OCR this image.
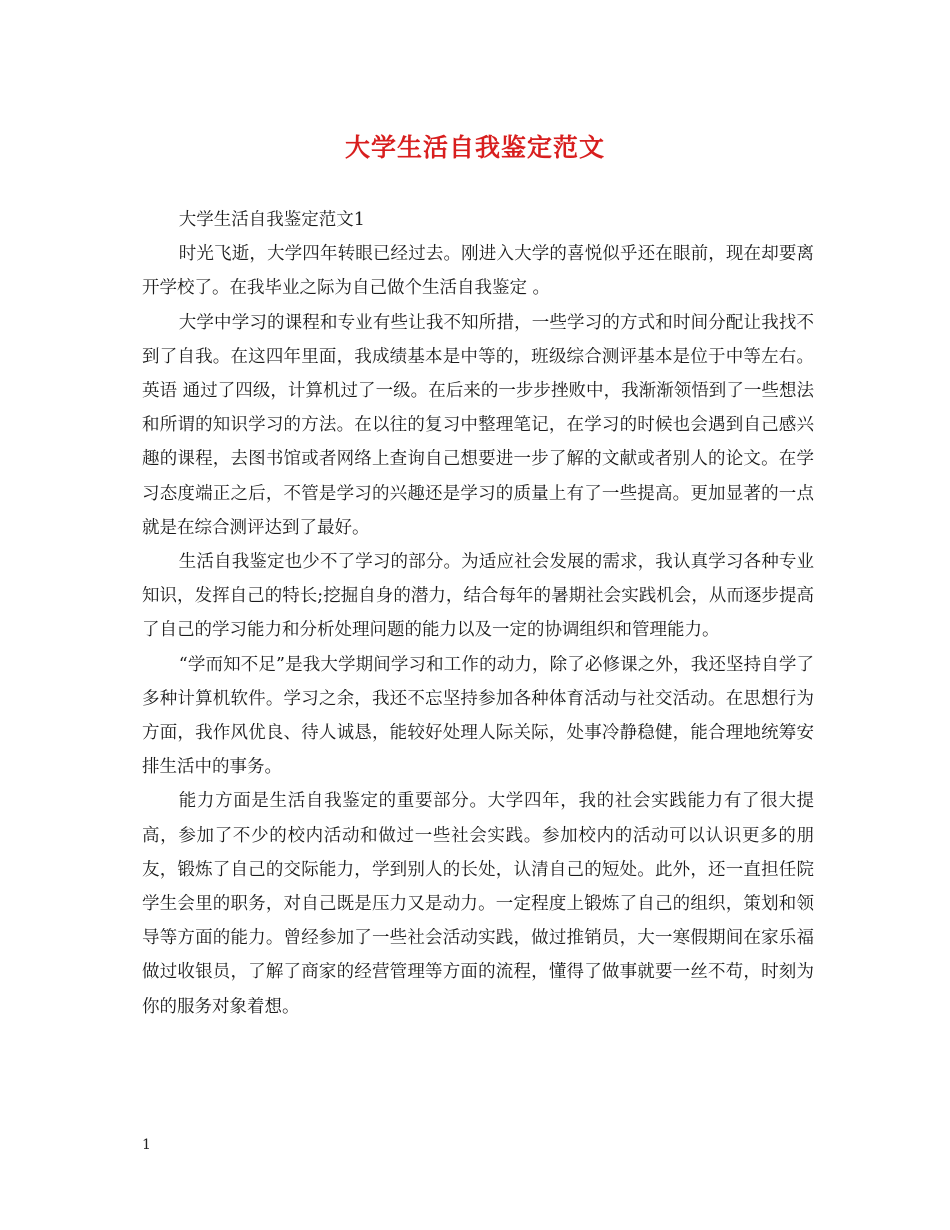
大学生活自我鉴定范文

大学生活自我鉴定范文1

时光飞逝，大学四年转眼已经过去。刚进入大学的喜悦似乎还在眼前，现在却要离开学校了。在我毕业之际为自己做个生活自我鉴定 。

大学中学习的课程和专业有些让我不知所措，一些学习的方式和时间分配让我找不到了自我。在这四年里面，我成绩基本是中等的，班级综合测评基本是位于中等左右。 英语 通过了四级，计算机过了一级。在后来的一步步挫败中，我渐渐领悟到了一些想法和所谓的知识学习的方法。在以往的复习中整理笔记，在学习的时候也会遇到自己感兴趣的课程，去图书馆或者网络上查询自己想要进一步了解的文献或者别人的论文。在学习态度端正之后，不管是学习的兴趣还是学习的质量上有了一些提高。更加显著的一点就是在综合测评达到了最好。

生活自我鉴定也少不了学习的部分。为适应社会发展的需求，我认真学习各种专业知识，发挥自己的特长;挖掘自身的潜力，结合每年的暑期社会实践机会，从而逐步提高了自己的学习能力和分析处理问题的能力以及一定的协调组织和管理能力。

“学而知不足”是我大学期间学习和工作的动力，除了必修课之外，我还坚持自学了多种计算机软件。学习之余，我还不忘坚持参加各种体育活动与社交活动。在思想行为方面，我作风优良、待人诚恳，能较好处理人际关际，处事冷静稳健，能合理地统筹安排生活中的事务。

能力方面是生活自我鉴定的重要部分。大学四年，我的社会实践能力有了很大提高，参加了不少的校内活动和做过一些社会实践。参加校内的活动可以认识更多的朋友，锻炼了自己的交际能力，学到别人的长处，认清自己的短处。此外，还一直担任院学生会里的职务，对自己既是压力又是动力。一定程度上锻炼了自己的组织，策划和领导等方面的能力。曾经参加了一些社会活动实践，做过推销员，大一寒假期间在家乐福做过收银员，了解了商家的经营管理等方面的流程，懂得了做事就要一丝不苟，时刻为你的服务对象着想。

1
